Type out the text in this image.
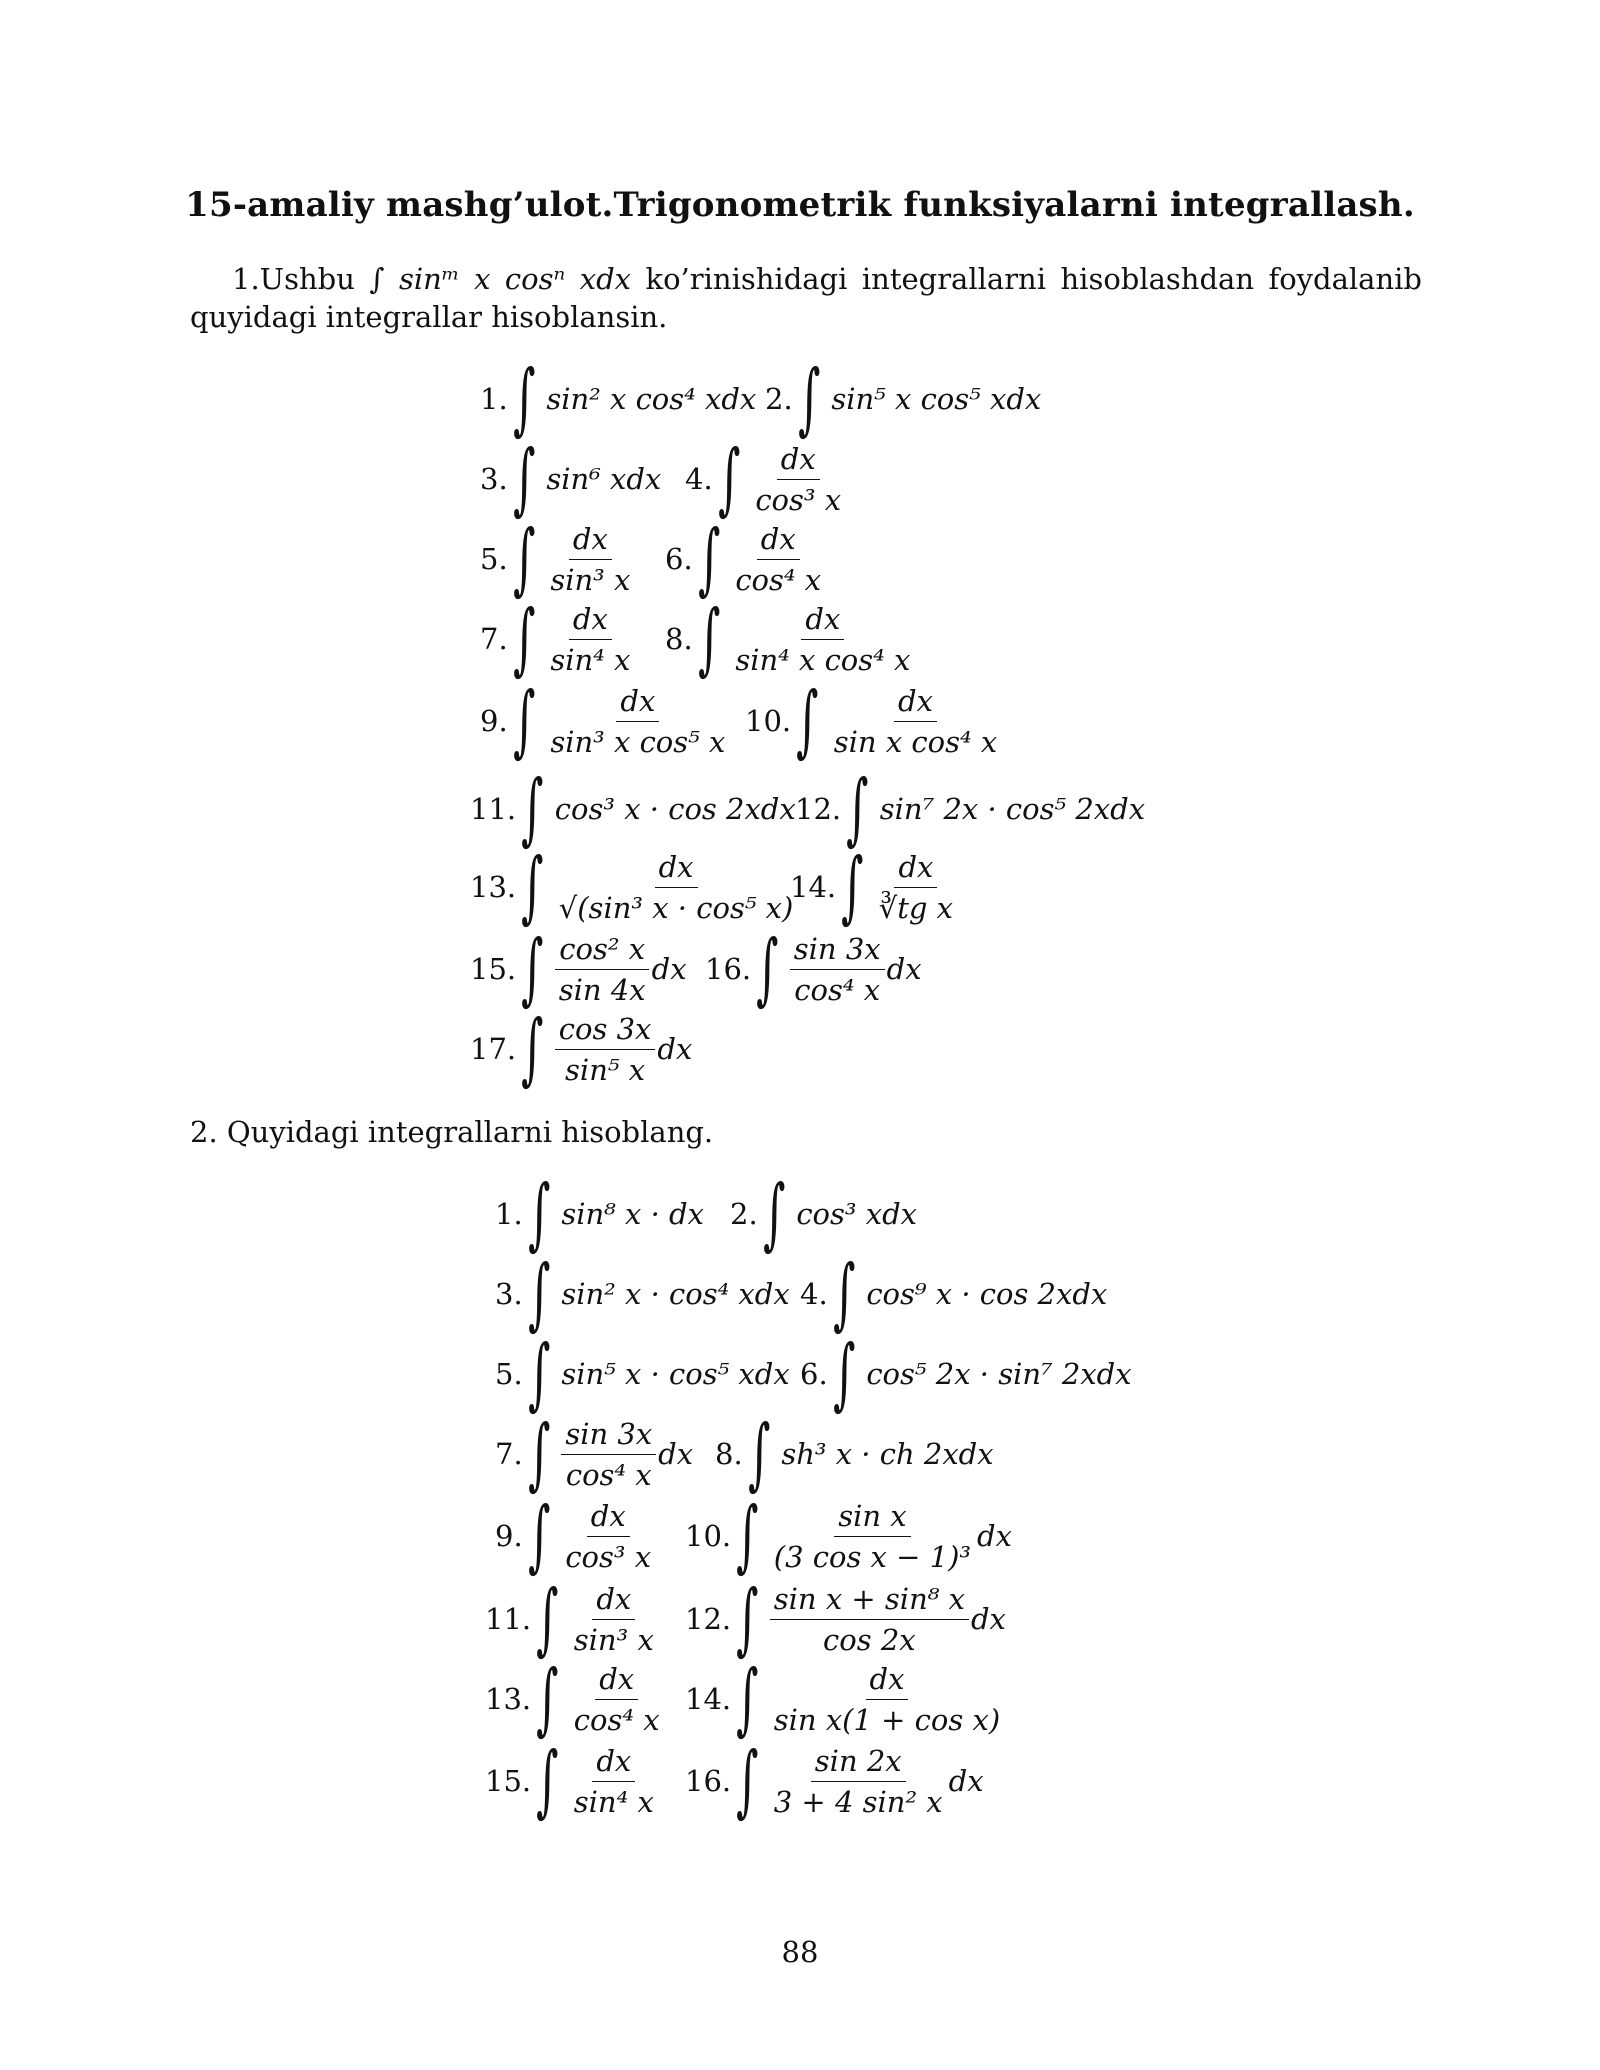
15-amaliy mashg’ulot.Trigonometrik funksiyalarni integrallash.
1.Ushbu ∫ sinᵐ x cosⁿ xdx ko’rinishidagi integrallarni hisoblashdan foydalanib quyidagi integrallar hisoblansin.
1. ∫ sin² x cos⁴ xdx 2. ∫ sin⁵ x cos⁵ xdx
3. ∫ sin⁶ xdx 4. ∫ $\frac{dx}{\text{cos³ x}}$
5. ∫ $\frac{dx}{\text{sin³ x}} 6$. ∫ $\frac{dx}{\text{cos⁴ x}}$
7. ∫ $\frac{dx}{\text{sin⁴ x}} 8$. ∫ $\frac{dx}{\text{sin⁴ x cos⁴ x}}$
9. ∫ $\frac{dx}{\text{sin³ x cos⁵ x}} 10$. ∫ $\frac{dx}{\text{sin x cos⁴ x}}$
11. ∫ cos³ x · cos 2xdx 12. ∫ sin⁷ 2x · cos⁵ 2xdx
13. ∫ $\frac{dx}{\text{√(sin³ x · cos⁵ x)}}$
14. ∫ $\frac{dx}{\text{∛tg x}}$
15. ∫ $\frac{\text{cos² x}}{\sin 4x}$ dx 16. ∫ $\frac{\sin 3x}{\text{cos⁴ x}}$ dx
17. ∫ $\frac{\cos 3x}{\text{sin⁵ x}}$ dx
2. Quyidagi integrallarni hisoblang.
1. ∫ sin⁸ x · dx 2. ∫ cos³ xdx
3. ∫ sin² x · cos⁴ xdx 4. ∫ cos⁹ x · cos 2xdx
5. ∫ sin⁵ x · cos⁵ xdx 6. ∫ cos⁵ 2x · sin⁷ 2xdx
7. ∫ $\frac{\sin 3x}{\text{cos⁴ x}}$ dx 8. ∫ sh³ x · ch 2xdx
9. ∫ $\frac{dx}{\text{cos³ x}} 10$. ∫ $\frac{\text{sin x}}{\text{(3 cos x − 1)³}}$ dx
11. ∫ $\frac{dx}{\text{sin³ x}} 12$. ∫ $\frac{\text{sin x + sin⁸ x}}{\cos 2x}$ dx
13. ∫ $\frac{dx}{\text{cos⁴ x}} 14$. ∫ $\frac{dx}{\text{sin x(1 + cos x)}}$
15. ∫ $\frac{dx}{\text{sin⁴ x}} 16$. ∫ $\frac{\sin 2x}{\text{3 + 4 sin² x}}$ dx
88
